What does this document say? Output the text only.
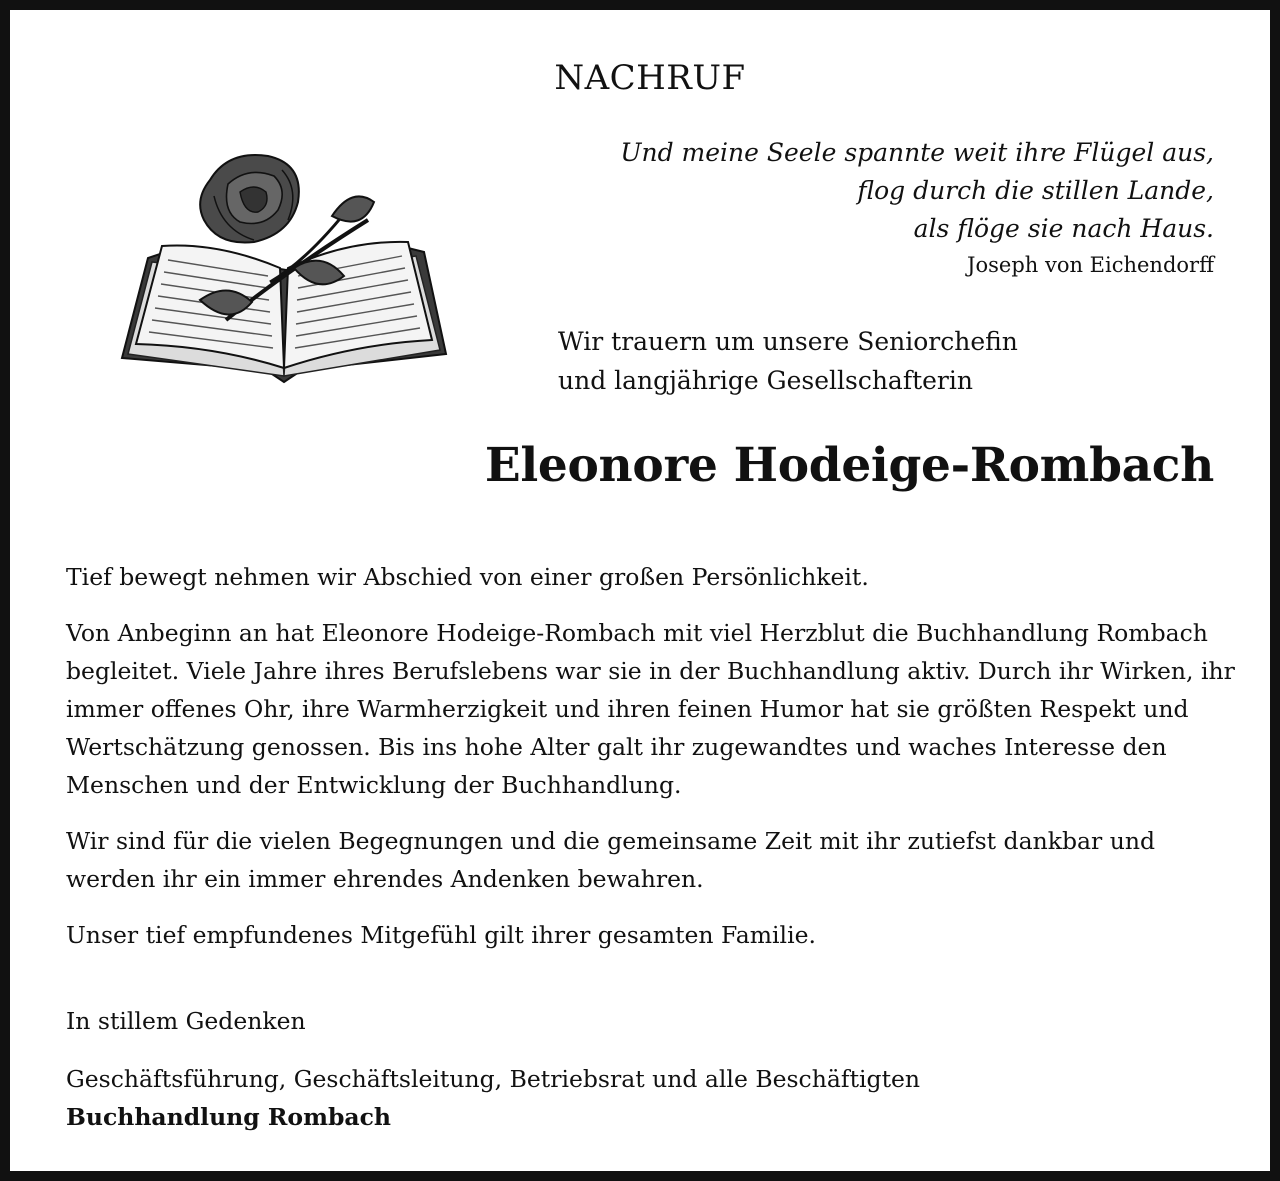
NACHRUF
Und meine Seele spannte weit ihre Flügel aus,
flog durch die stillen Lande,
als flöge sie nach Haus.
Joseph von Eichendorff
Wir trauern um unsere Seniorchefin
und langjährige Gesellschafterin
Eleonore Hodeige-Rombach

Tief bewegt nehmen wir Abschied von einer großen Persönlichkeit.

Von Anbeginn an hat Eleonore Hodeige-Rombach mit viel Herzblut die Buchhandlung Rombach begleitet. Viele Jahre ihres Berufslebens war sie in der Buchhandlung aktiv. Durch ihr Wirken, ihr immer offenes Ohr, ihre Warmherzigkeit und ihren feinen Humor hat sie größten Respekt und Wertschätzung genossen. Bis ins hohe Alter galt ihr zugewandtes und waches Interesse den Menschen und der Entwicklung der Buchhandlung.

Wir sind für die vielen Begegnungen und die gemeinsame Zeit mit ihr zutiefst dankbar und werden ihr ein immer ehrendes Andenken bewahren.

Unser tief empfundenes Mitgefühl gilt ihrer gesamten Familie.

In stillem Gedenken
Geschäftsführung, Geschäftsleitung, Betriebsrat und alle Beschäftigten
Buchhandlung Rombach
